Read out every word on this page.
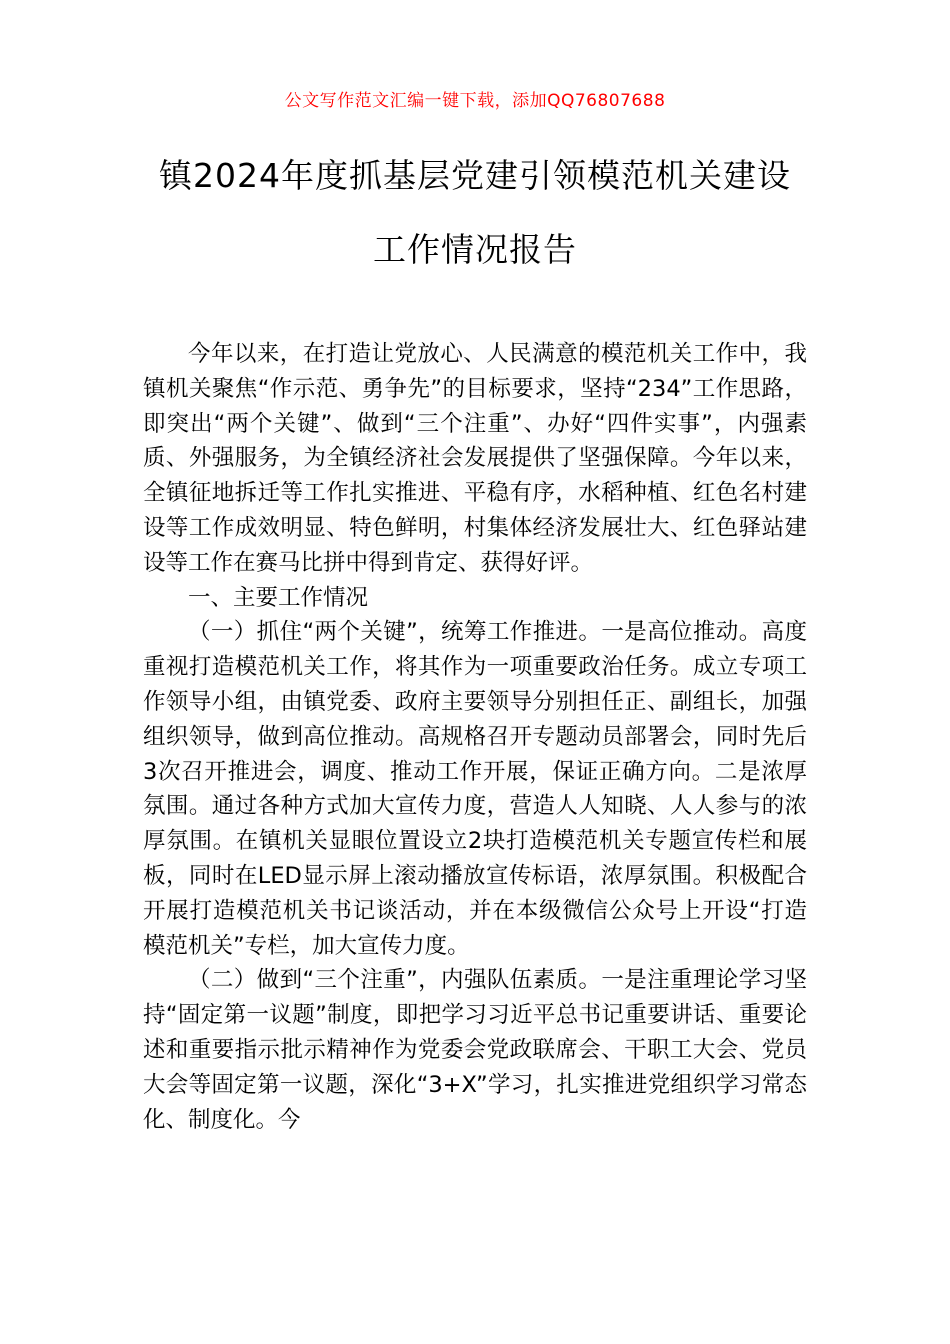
公文写作范文汇编一键下载，添加QQ76807688
镇2024年度抓基层党建引领模范机关建设
工作情况报告

今年以来，在打造让党放心、人民满意的模范机关工作中，我镇机关聚焦“作示范、勇争先”的目标要求，坚持“234”工作思路，即突出“两个关键”、做到“三个注重”、办好“四件实事”，内强素质、外强服务，为全镇经济社会发展提供了坚强保障。今年以来，全镇征地拆迁等工作扎实推进、平稳有序，水稻种植、红色名村建设等工作成效明显、特色鲜明，村集体经济发展壮大、红色驿站建设等工作在赛马比拼中得到肯定、获得好评。

一、主要工作情况

（一）抓住“两个关键”，统筹工作推进。一是高位推动。高度重视打造模范机关工作，将其作为一项重要政治任务。成立专项工作领导小组，由镇党委、政府主要领导分别担任正、副组长，加强组织领导，做到高位推动。高规格召开专题动员部署会，同时先后3次召开推进会，调度、推动工作开展，保证正确方向。二是浓厚氛围。通过各种方式加大宣传力度，营造人人知晓、人人参与的浓厚氛围。在镇机关显眼位置设立2块打造模范机关专题宣传栏和展板，同时在LED显示屏上滚动播放宣传标语，浓厚氛围。积极配合开展打造模范机关书记谈活动，并在本级微信公众号上开设“打造模范机关”专栏，加大宣传力度。

（二）做到“三个注重”，内强队伍素质。一是注重理论学习坚持“固定第一议题”制度，即把学习习近平总书记重要讲话、重要论述和重要指示批示精神作为党委会党政联席会、干职工大会、党员大会等固定第一议题，深化“3+X”学习，扎实推进党组织学习常态化、制度化。今
